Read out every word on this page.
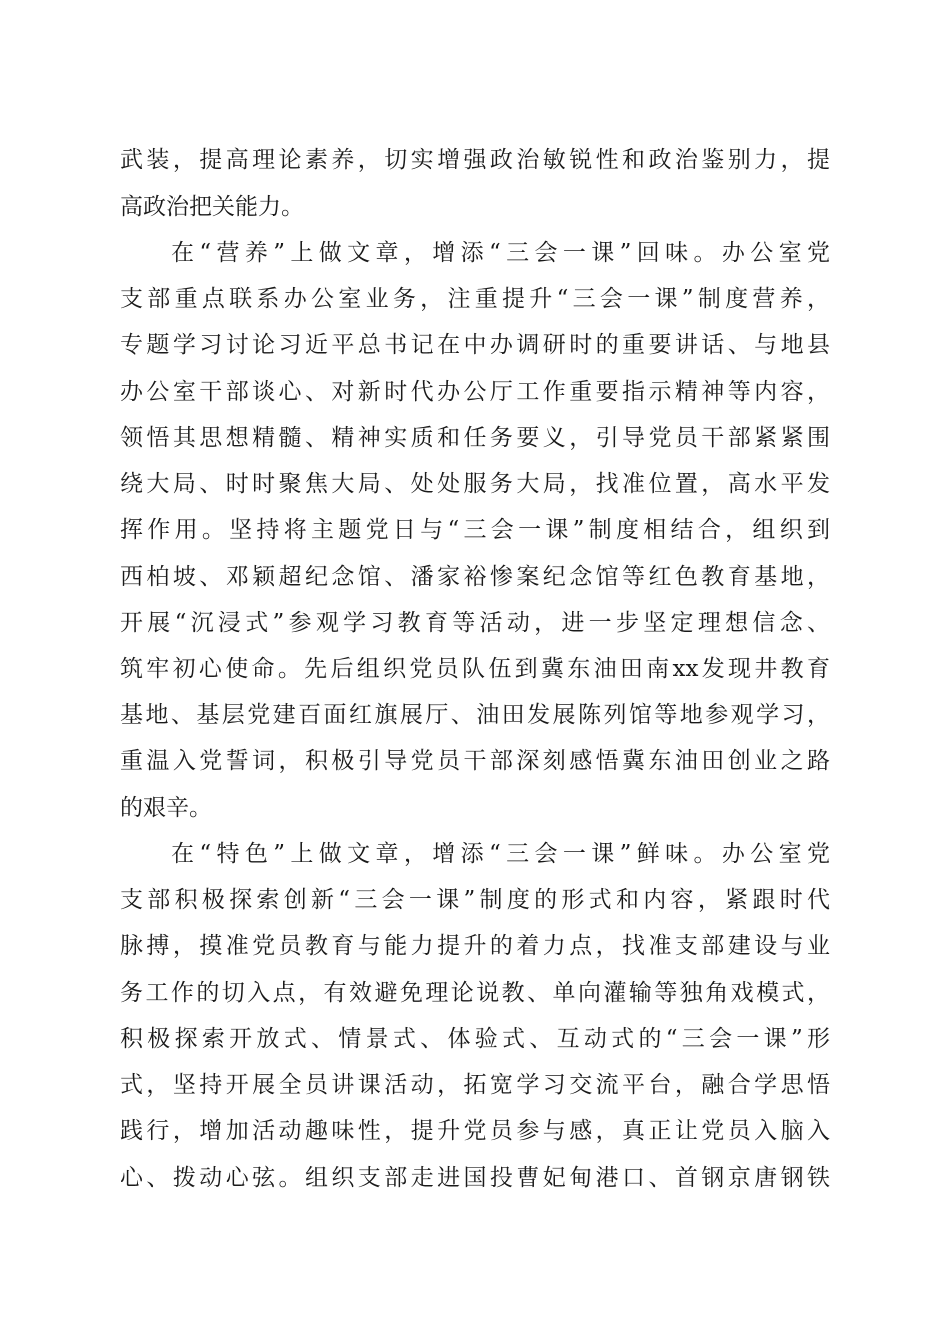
武装，提高理论素养，切实增强政治敏锐性和政治鉴别力，提
高政治把关能力。
在“营养”上做文章，增添“三会一课”回味。办公室党
支部重点联系办公室业务，注重提升“三会一课”制度营养，
专题学习讨论习近平总书记在中办调研时的重要讲话、与地县
办公室干部谈心、对新时代办公厅工作重要指示精神等内容，
领悟其思想精髓、精神实质和任务要义，引导党员干部紧紧围
绕大局、时时聚焦大局、处处服务大局，找准位置，高水平发
挥作用。坚持将主题党日与“三会一课”制度相结合，组织到
西柏坡、邓颖超纪念馆、潘家裕惨案纪念馆等红色教育基地，
开展“沉浸式”参观学习教育等活动，进一步坚定理想信念、
筑牢初心使命。先后组织党员队伍到冀东油田南xx发现井教育
基地、基层党建百面红旗展厅、油田发展陈列馆等地参观学习，
重温入党誓词，积极引导党员干部深刻感悟冀东油田创业之路
的艰辛。
在“特色”上做文章，增添“三会一课”鲜味。办公室党
支部积极探索创新“三会一课”制度的形式和内容，紧跟时代
脉搏，摸准党员教育与能力提升的着力点，找准支部建设与业
务工作的切入点，有效避免理论说教、单向灌输等独角戏模式，
积极探索开放式、情景式、体验式、互动式的“三会一课”形
式，坚持开展全员讲课活动，拓宽学习交流平台，融合学思悟
践行，增加活动趣味性，提升党员参与感，真正让党员入脑入
心、拨动心弦。组织支部走进国投曹妃甸港口、首钢京唐钢铁
